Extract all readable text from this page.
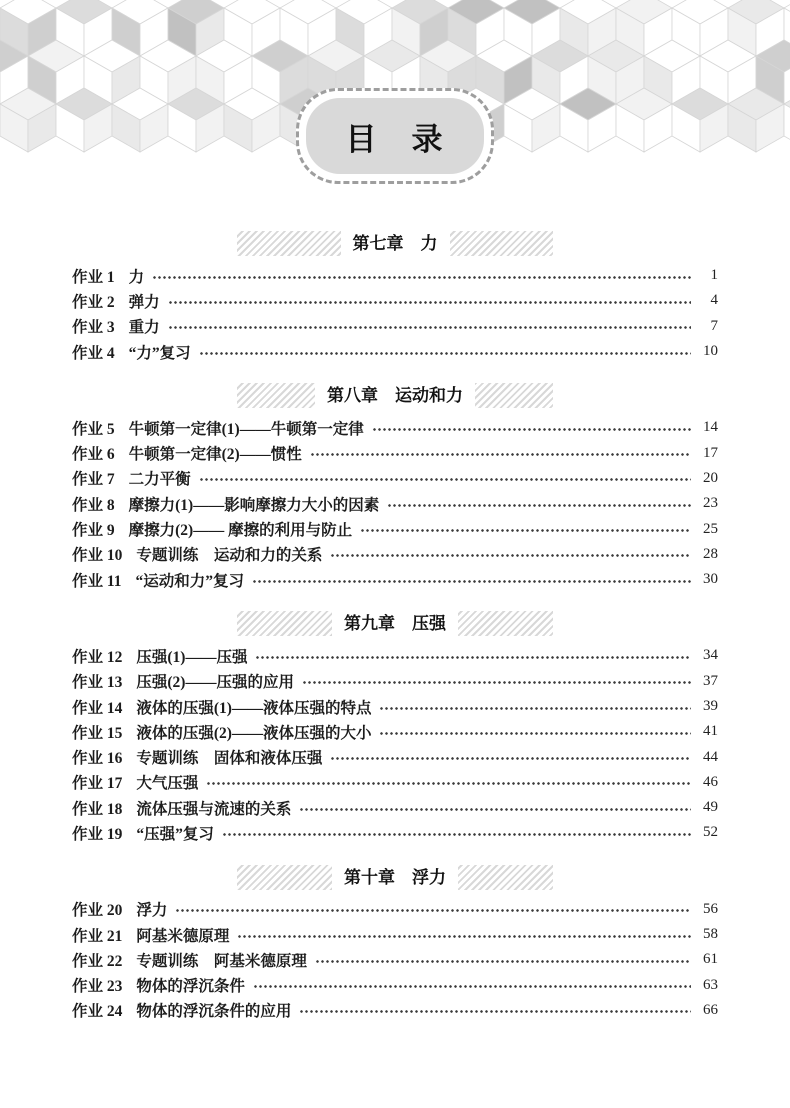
目　录
第七章　力
作业 1 力	1
作业 2 弹力	4
作业 3 重力	7
作业 4 “力”复习	10
第八章　运动和力
作业 5 牛顿第一定律(1)——牛顿第一定律	14
作业 6 牛顿第一定律(2)——惯性	17
作业 7 二力平衡	20
作业 8 摩擦力(1)——影响摩擦力大小的因素	23
作业 9 摩擦力(2)—— 摩擦的利用与防止	25
作业 10 专题训练　运动和力的关系	28
作业 11 “运动和力”复习	30
第九章　压强
作业 12 压强(1)——压强	34
作业 13 压强(2)——压强的应用	37
作业 14 液体的压强(1)——液体压强的特点	39
作业 15 液体的压强(2)——液体压强的大小	41
作业 16 专题训练　固体和液体压强	44
作业 17 大气压强	46
作业 18 流体压强与流速的关系	49
作业 19 “压强”复习	52
第十章　浮力
作业 20 浮力	56
作业 21 阿基米德原理	58
作业 22 专题训练　阿基米德原理	61
作业 23 物体的浮沉条件	63
作业 24 物体的浮沉条件的应用	66
